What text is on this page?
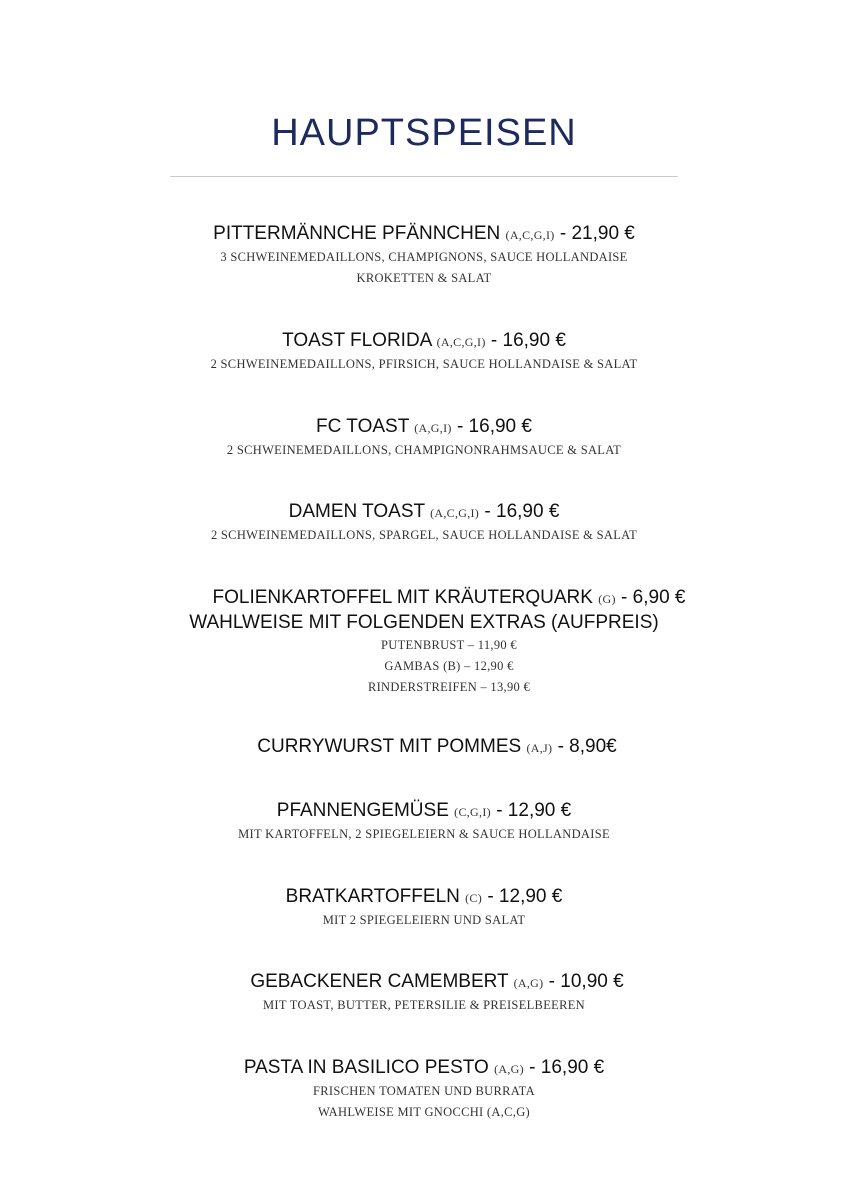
HAUPTSPEISEN
PITTERMÄNNCHE PFÄNNCHEN (A,C,G,I) - 21,90 €
3 SCHWEINEMEDAILLONS, CHAMPIGNONS, SAUCE HOLLANDAISE
KROKETTEN & SALAT
TOAST FLORIDA (A,C,G,I) - 16,90 €
2 SCHWEINEMEDAILLONS, PFIRSICH, SAUCE HOLLANDAISE & SALAT
FC TOAST (A,G,I) - 16,90 €
2 SCHWEINEMEDAILLONS, CHAMPIGNONRAHMSAUCE & SALAT
DAMEN TOAST (A,C,G,I) - 16,90 €
2 SCHWEINEMEDAILLONS, SPARGEL, SAUCE HOLLANDAISE & SALAT
FOLIENKARTOFFEL MIT KRÄUTERQUARK (G) - 6,90 €
WAHLWEISE MIT FOLGENDEN EXTRAS (AUFPREIS)
PUTENBRUST – 11,90 €
GAMBAS (B) – 12,90 €
RINDERSTREIFEN – 13,90 €
CURRYWURST MIT POMMES (A,J) - 8,90€
PFANNENGEMÜSE (C,G,I) - 12,90 €
MIT KARTOFFELN, 2 SPIEGELEIERN & SAUCE HOLLANDAISE
BRATKARTOFFELN (C) - 12,90 €
MIT 2 SPIEGELEIERN UND SALAT
GEBACKENER CAMEMBERT (A,G) - 10,90 €
MIT TOAST, BUTTER, PETERSILIE & PREISELBEEREN
PASTA IN BASILICO PESTO (A,G) - 16,90 €
FRISCHEN TOMATEN UND BURRATA
WAHLWEISE MIT GNOCCHI (A,C,G)
